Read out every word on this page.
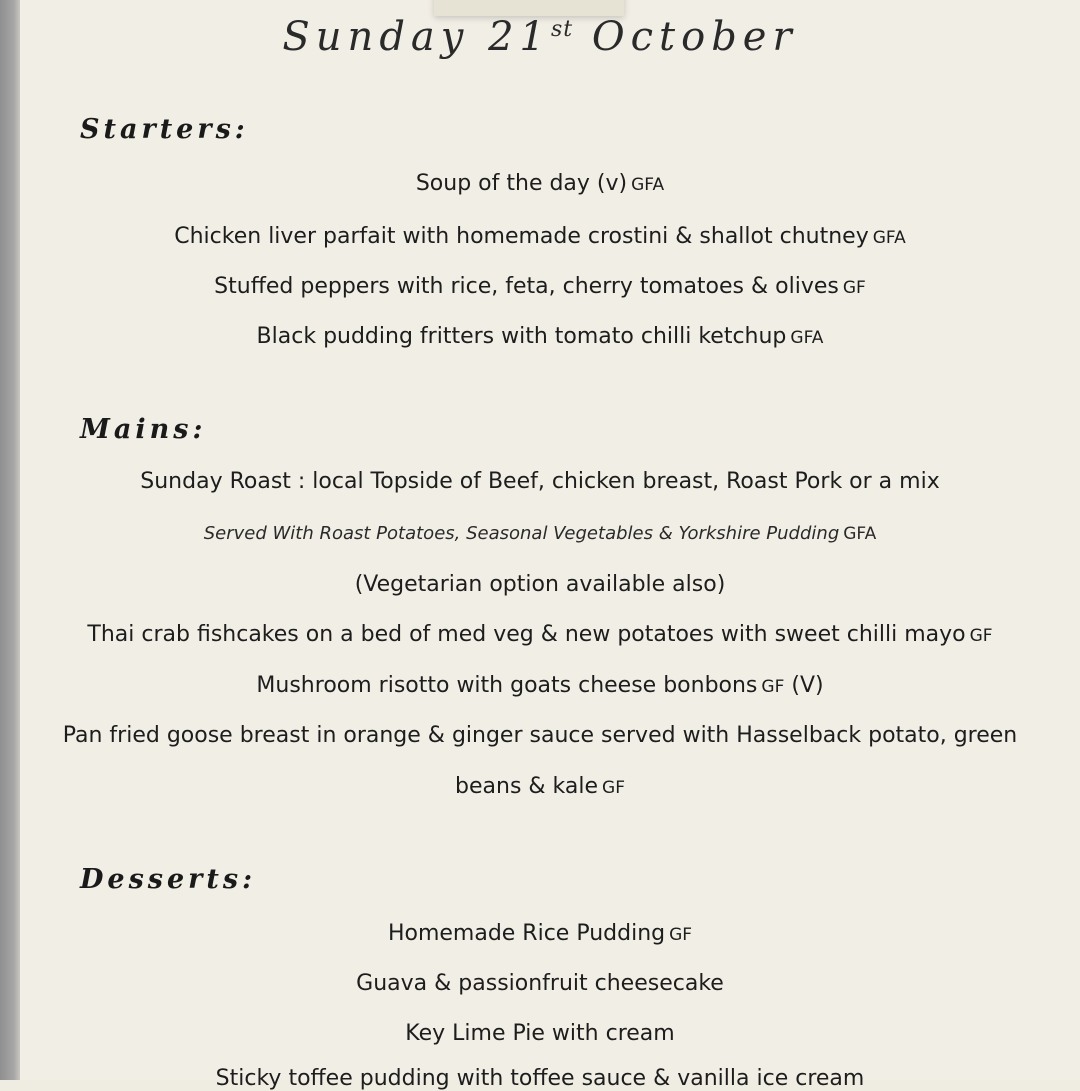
Sunday 21st October
Starters:
Soup of the day (v) GFA
Chicken liver parfait with homemade crostini & shallot chutney GFA
Stuffed peppers with rice, feta, cherry tomatoes & olives GF
Black pudding fritters with tomato chilli ketchup GFA
Mains:
Sunday Roast : local Topside of Beef, chicken breast, Roast Pork or a mix
Served With Roast Potatoes, Seasonal Vegetables & Yorkshire Pudding GFA
(Vegetarian option available also)
Thai crab fishcakes on a bed of med veg & new potatoes with sweet chilli mayo GF
Mushroom risotto with goats cheese bonbons GF (V)
Pan fried goose breast in orange & ginger sauce served with Hasselback potato, green
beans & kale GF
Desserts:
Homemade Rice Pudding GF
Guava & passionfruit cheesecake
Key Lime Pie with cream
Sticky toffee pudding with toffee sauce & vanilla ice cream
